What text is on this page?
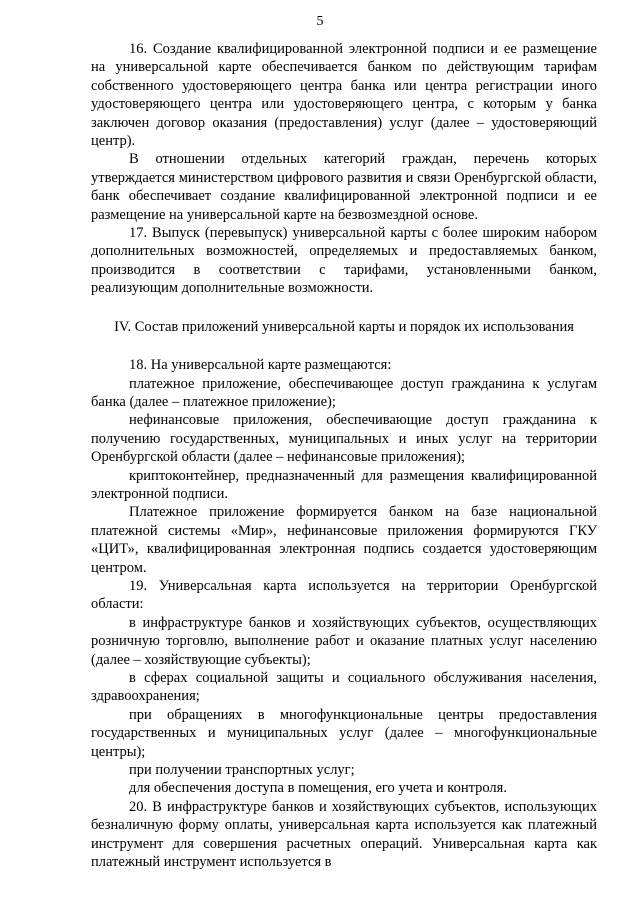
5

16. Создание квалифицированной электронной подписи и ее размещение на универсальной карте обеспечивается банком по действующим тарифам собственного удостоверяющего центра банка или центра регистрации иного удостоверяющего центра или удостоверяющего центра, с которым у банка заключен договор оказания (предоставления) услуг (далее – удостоверяющий центр).

В отношении отдельных категорий граждан, перечень которых утверждается министерством цифрового развития и связи Оренбургской области, банк обеспечивает создание квалифицированной электронной подписи и ее размещение на универсальной карте на безвозмездной основе.

17. Выпуск (перевыпуск) универсальной карты с более широким набором дополнительных возможностей, определяемых и предоставляемых банком, производится в соответствии с тарифами, установленными банком, реализующим дополнительные возможности.

IV. Состав приложений универсальной карты и порядок их использования

18. На универсальной карте размещаются:

платежное приложение, обеспечивающее доступ гражданина к услугам банка (далее – платежное приложение);

нефинансовые приложения, обеспечивающие доступ гражданина к получению государственных, муниципальных и иных услуг на территории Оренбургской области (далее – нефинансовые приложения);

криптоконтейнер, предназначенный для размещения квалифицированной электронной подписи.

Платежное приложение формируется банком на базе национальной платежной системы «Мир», нефинансовые приложения формируются ГКУ «ЦИТ», квалифицированная электронная подпись создается удостоверяющим центром.

19. Универсальная карта используется на территории Оренбургской области:

в инфраструктуре банков и хозяйствующих субъектов, осуществляющих розничную торговлю, выполнение работ и оказание платных услуг населению (далее – хозяйствующие субъекты);

в сферах социальной защиты и социального обслуживания населения, здравоохранения;

при обращениях в многофункциональные центры предоставления государственных и муниципальных услуг (далее – многофункциональные центры);

при получении транспортных услуг;

для обеспечения доступа в помещения, его учета и контроля.

20. В инфраструктуре банков и хозяйствующих субъектов, использующих безналичную форму оплаты, универсальная карта используется как платежный инструмент для совершения расчетных операций. Универсальная карта как платежный инструмент используется в
